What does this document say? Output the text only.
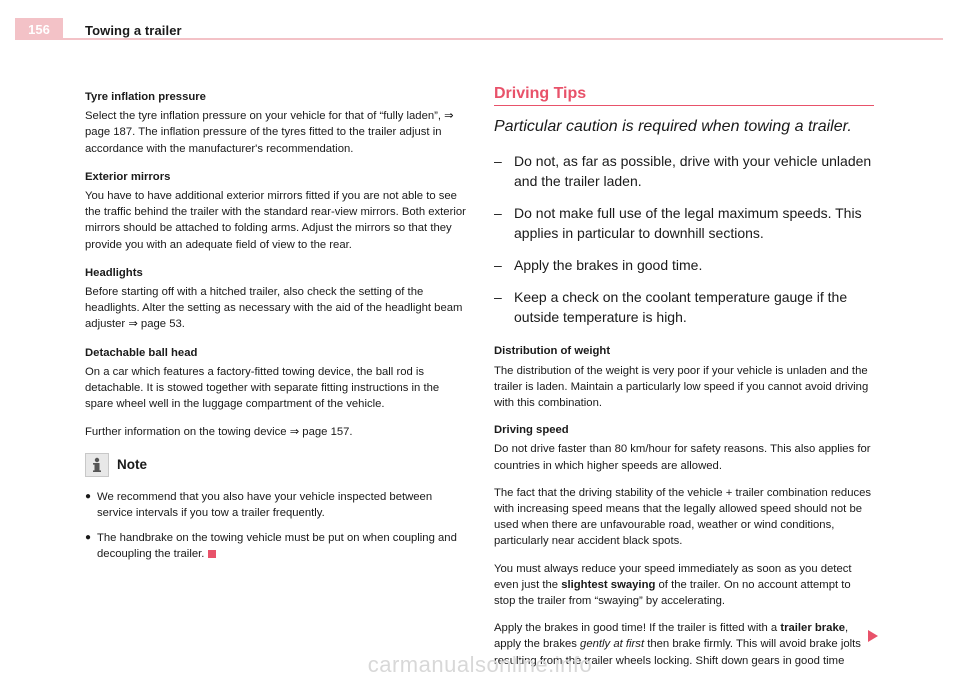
156	Towing a trailer
Tyre inflation pressure

Select the tyre inflation pressure on your vehicle for that of “fully laden”, ⇒ page 187. The inflation pressure of the tyres fitted to the trailer adjust in accordance with the manufacturer's recommendation.

Exterior mirrors

You have to have additional exterior mirrors fitted if you are not able to see the traffic behind the trailer with the standard rear-view mirrors. Both exterior mirrors should be attached to folding arms. Adjust the mirrors so that they provide you with an adequate field of view to the rear.

Headlights

Before starting off with a hitched trailer, also check the setting of the headlights. Alter the setting as necessary with the aid of the headlight beam adjuster ⇒ page 53.

Detachable ball head

On a car which features a factory-fitted towing device, the ball rod is detachable. It is stowed together with separate fitting instructions in the spare wheel well in the luggage compartment of the vehicle.

Further information on the towing device ⇒ page 157.

Note
● We recommend that you also have your vehicle inspected between service intervals if you tow a trailer frequently.
● The handbrake on the towing vehicle must be put on when coupling and decoupling the trailer.
Driving Tips
Particular caution is required when towing a trailer.
– Do not, as far as possible, drive with your vehicle unladen and the trailer laden.
– Do not make full use of the legal maximum speeds. This applies in particular to downhill sections.
– Apply the brakes in good time.
– Keep a check on the coolant temperature gauge if the outside temperature is high.
Distribution of weight

The distribution of the weight is very poor if your vehicle is unladen and the trailer is laden. Maintain a particularly low speed if you cannot avoid driving with this combination.

Driving speed

Do not drive faster than 80 km/hour for safety reasons. This also applies for countries in which higher speeds are allowed.

The fact that the driving stability of the vehicle + trailer combination reduces with increasing speed means that the legally allowed speed should not be used when there are unfavourable road, weather or wind conditions, particularly near accident black spots.

You must always reduce your speed immediately as soon as you detect even just the slightest swaying of the trailer. On no account attempt to stop the trailer from “swaying” by accelerating.

Apply the brakes in good time! If the trailer is fitted with a trailer brake, apply the brakes gently at first then brake firmly. This will avoid brake jolts resulting from the trailer wheels locking. Shift down gears in good time

carmanualsonline.info
